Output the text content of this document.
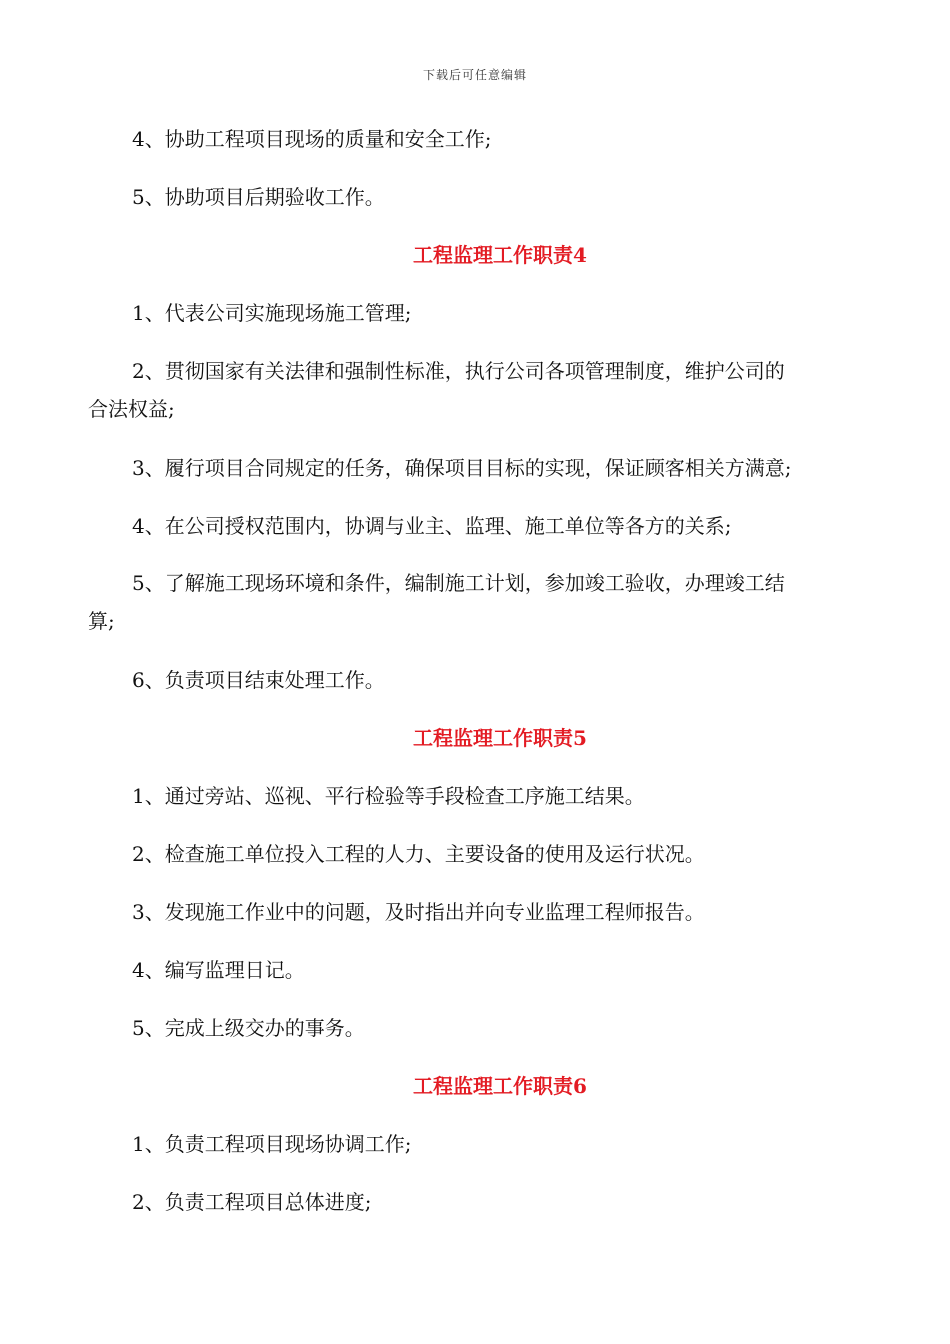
下载后可任意编辑
4、协助工程项目现场的质量和安全工作;
5、协助项目后期验收工作。
工程监理工作职责4
1、代表公司实施现场施工管理;
2、贯彻国家有关法律和强制性标准，执行公司各项管理制度，维护公司的
合法权益;
3、履行项目合同规定的任务，确保项目目标的实现，保证顾客相关方满意;
4、在公司授权范围内，协调与业主、监理、施工单位等各方的关系;
5、了解施工现场环境和条件，编制施工计划，参加竣工验收，办理竣工结
算;
6、负责项目结束处理工作。
工程监理工作职责5
1、通过旁站、巡视、平行检验等手段检查工序施工结果。
2、检查施工单位投入工程的人力、主要设备的使用及运行状况。
3、发现施工作业中的问题，及时指出并向专业监理工程师报告。
4、编写监理日记。
5、完成上级交办的事务。
工程监理工作职责6
1、负责工程项目现场协调工作;
2、负责工程项目总体进度;
